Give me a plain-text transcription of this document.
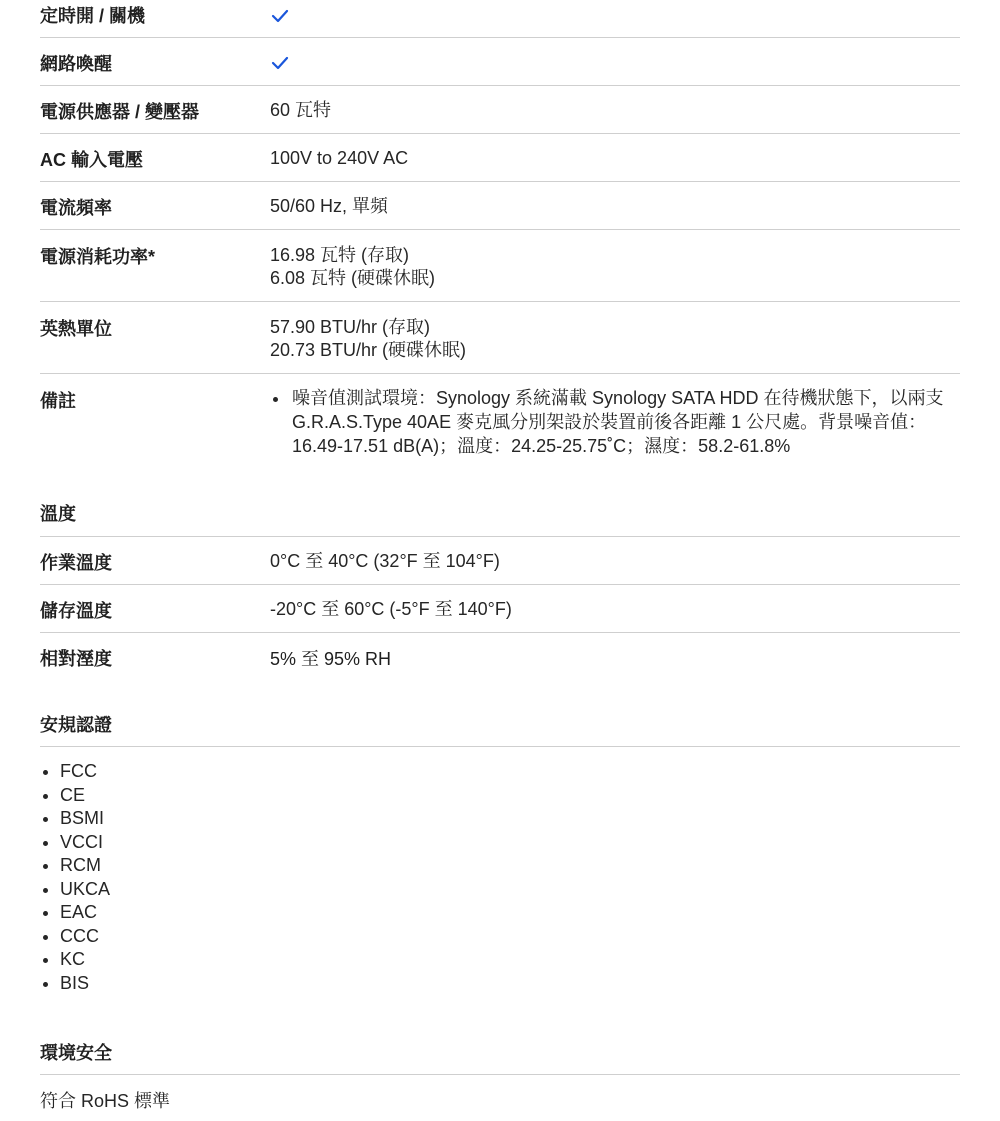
定時開 / 關機
網路喚醒
電源供應器 / 變壓器	60 瓦特
AC 輸入電壓	100V to 240V AC
電流頻率	50/60 Hz, 單頻
電源消耗功率*	16.98 瓦特 (存取)
6.08 瓦特 (硬碟休眠)
英熱單位	57.90 BTU/hr (存取)
20.73 BTU/hr (硬碟休眠)
備註
•	噪音值測試環境：Synology 系統滿載 Synology SATA HDD 在待機狀態下，以兩支 G.R.A.S.Type 40AE 麥克風分別架設於裝置前後各距離 1 公尺處。背景噪音值：16.49-17.51 dB(A)；溫度：24.25-25.75˚C；濕度：58.2-61.8%
溫度
作業溫度	0°C 至 40°C (32°F 至 104°F)
儲存溫度	-20°C 至 60°C (-5°F 至 140°F)
相對溼度	5% 至 95% RH
安規認證
• FCC
• CE
• BSMI
• VCCI
• RCM
• UKCA
• EAC
• CCC
• KC
• BIS
環境安全
符合 RoHS 標準
